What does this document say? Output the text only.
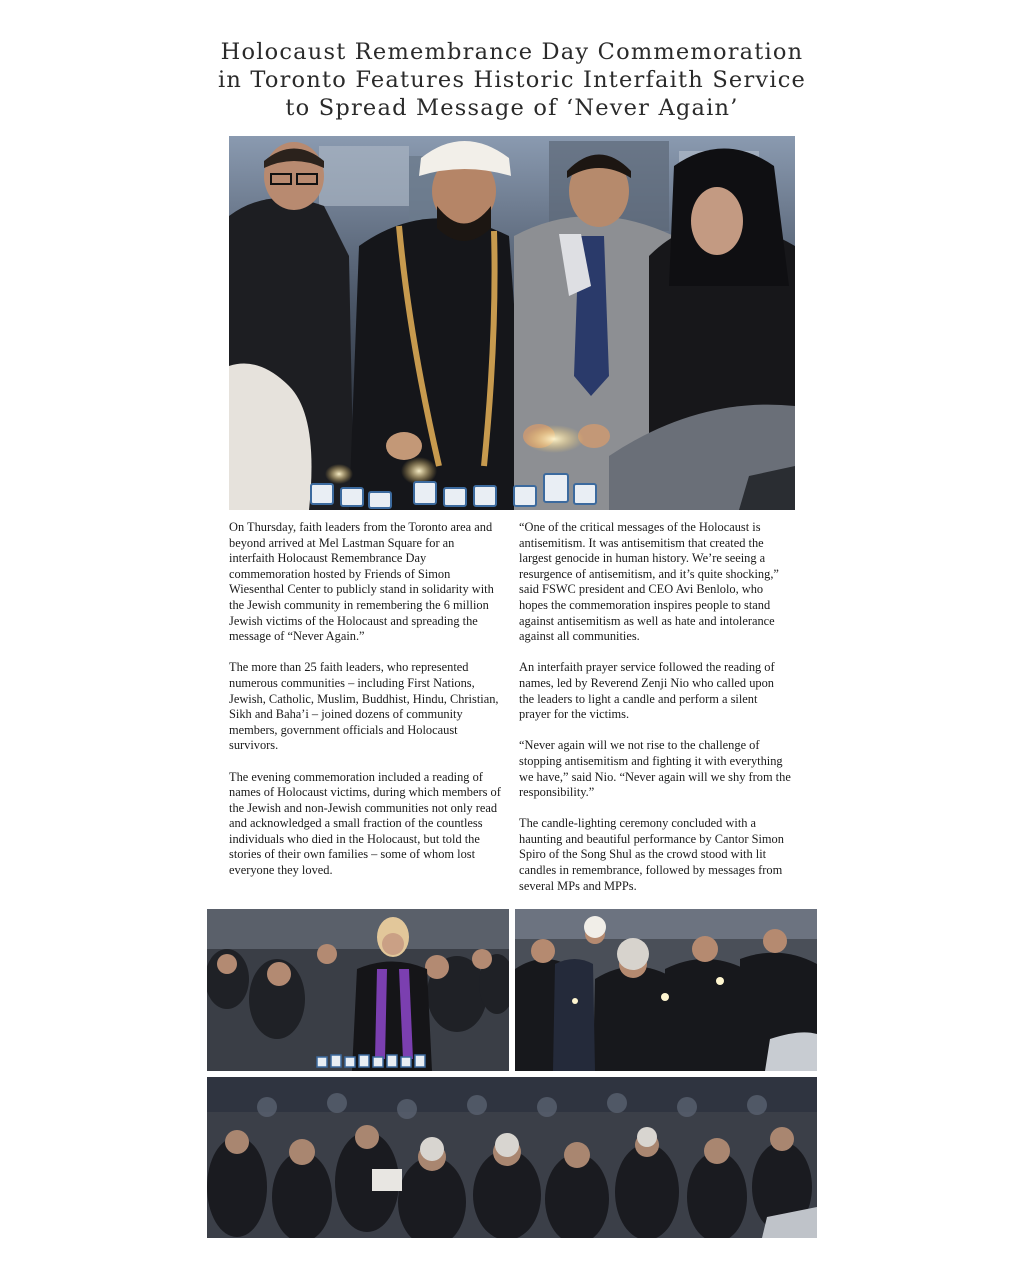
Holocaust Remembrance Day Commemoration
in Toronto Features Historic Interfaith Service
to Spread Message of ‘Never Again’

On Thursday, faith leaders from the Toronto area and beyond arrived at Mel Lastman Square for an interfaith Holocaust Remembrance Day commemoration hosted by Friends of Simon Wiesenthal Center to publicly stand in solidarity with the Jewish community in remembering the 6 million Jewish victims of the Holocaust and spreading the message of “Never Again.”

The more than 25 faith leaders, who represented numerous communities – including First Nations, Jewish, Catholic, Muslim, Buddhist, Hindu, Christian, Sikh and Baha’i – joined dozens of community members, government officials and Holocaust survivors.

The evening commemoration included a reading of names of Holocaust victims, during which members of the Jewish and non-Jewish communities not only read and acknowledged a small fraction of the countless individuals who died in the Holocaust, but told the stories of their own families – some of whom lost everyone they loved.

“One of the critical messages of the Holocaust is antisemitism. It was antisemitism that created the largest genocide in human history. We’re seeing a resurgence of antisemitism, and it’s quite shocking,” said FSWC president and CEO Avi Benlolo, who hopes the commemoration inspires people to stand against antisemitism as well as hate and intolerance against all communities.

An interfaith prayer service followed the reading of names, led by Reverend Zenji Nio who called upon the leaders to light a candle and perform a silent prayer for the victims.

“Never again will we not rise to the challenge of stopping antisemitism and fighting it with everything we have,” said Nio. “Never again will we shy from the responsibility.”

The candle-lighting ceremony concluded with a haunting and beautiful performance by Cantor Simon Spiro of the Song Shul as the crowd stood with lit candles in remembrance, followed by messages from several MPs and MPPs.
